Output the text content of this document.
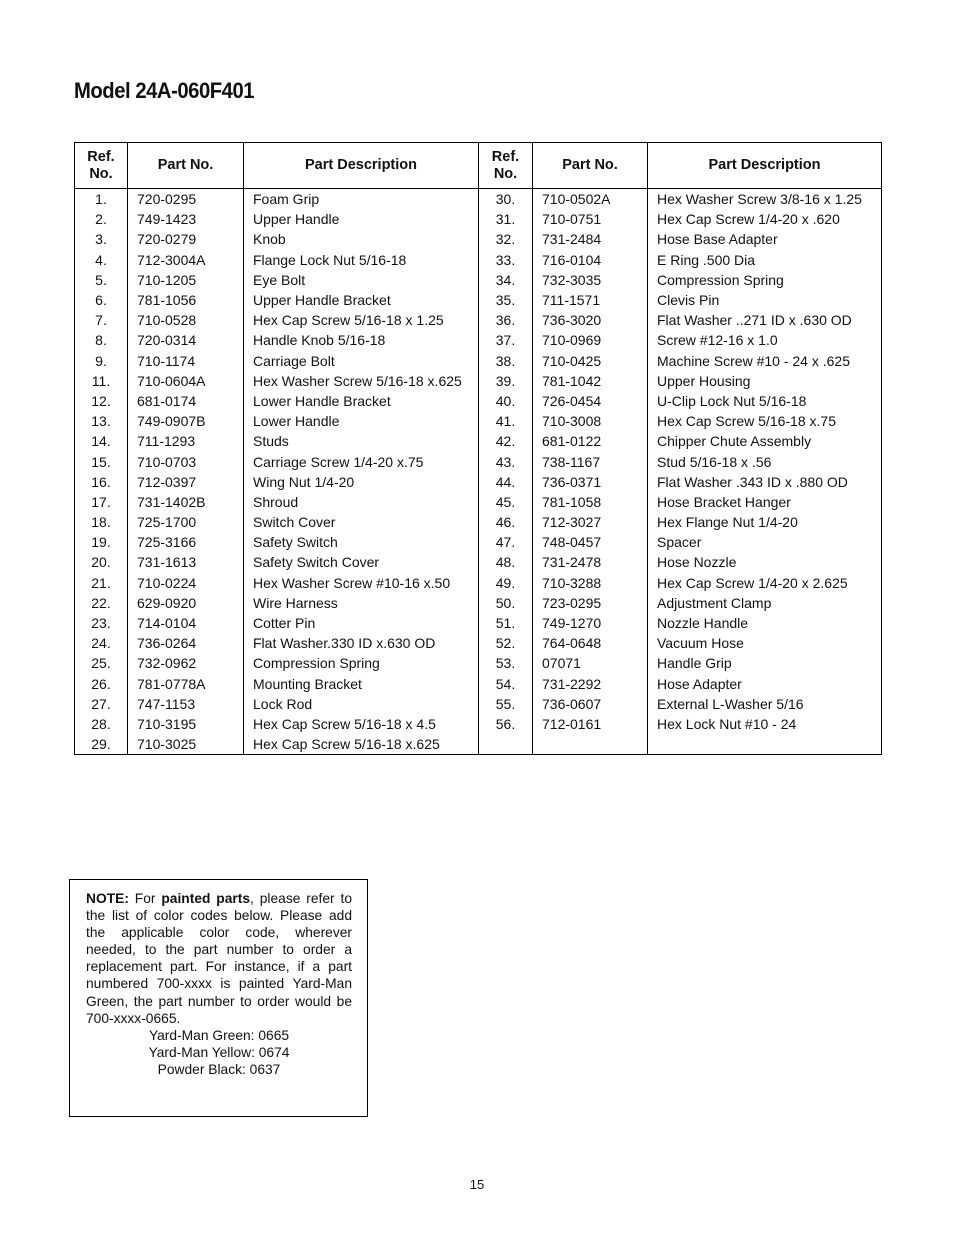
Model 24A-060F401
Ref.
No.	Part No.	Part Description
1.	720-0295	Foam Grip
2.	749-1423	Upper Handle
3.	720-0279	Knob
4.	712-3004A	Flange Lock Nut 5/16-18
5.	710-1205	Eye Bolt
6.	781-1056	Upper Handle Bracket
7.	710-0528	Hex Cap Screw 5/16-18 x 1.25
8.	720-0314	Handle Knob 5/16-18
9.	710-1174	Carriage Bolt
11.	710-0604A	Hex Washer Screw 5/16-18 x.625
12.	681-0174	Lower Handle Bracket
13.	749-0907B	Lower Handle
14.	711-1293	Studs
15.	710-0703	Carriage Screw 1/4-20 x.75
16.	712-0397	Wing Nut 1/4-20
17.	731-1402B	Shroud
18.	725-1700	Switch Cover
19.	725-3166	Safety Switch
20.	731-1613	Safety Switch Cover
21.	710-0224	Hex Washer Screw #10-16 x.50
22.	629-0920	Wire Harness
23.	714-0104	Cotter Pin
24.	736-0264	Flat Washer.330 ID x.630 OD
25.	732-0962	Compression Spring
26.	781-0778A	Mounting Bracket
27.	747-1153	Lock Rod
28.	710-3195	Hex Cap Screw 5/16-18 x 4.5
29.	710-3025	Hex Cap Screw 5/16-18 x.625
Ref.
No.	Part No.	Part Description
30.	710-0502A	Hex Washer Screw 3/8-16 x 1.25
31.	710-0751	Hex Cap Screw 1/4-20 x .620
32.	731-2484	Hose Base Adapter
33.	716-0104	E Ring .500 Dia
34.	732-3035	Compression Spring
35.	711-1571	Clevis Pin
36.	736-3020	Flat Washer ..271 ID x .630 OD
37.	710-0969	Screw #12-16 x 1.0
38.	710-0425	Machine Screw #10 - 24 x .625
39.	781-1042	Upper Housing
40.	726-0454	U-Clip Lock Nut 5/16-18
41.	710-3008	Hex Cap Screw 5/16-18 x.75
42.	681-0122	Chipper Chute Assembly
43.	738-1167	Stud 5/16-18 x .56
44.	736-0371	Flat Washer .343 ID x .880 OD
45.	781-1058	Hose Bracket Hanger
46.	712-3027	Hex Flange Nut 1/4-20
47.	748-0457	Spacer
48.	731-2478	Hose Nozzle
49.	710-3288	Hex Cap Screw 1/4-20 x 2.625
50.	723-0295	Adjustment Clamp
51.	749-1270	Nozzle Handle
52.	764-0648	Vacuum Hose
53.	07071	Handle Grip
54.	731-2292	Hose Adapter
55.	736-0607	External L-Washer 5/16
56.	712-0161	Hex Lock Nut #10 - 24

NOTE: For painted parts, please refer to the list of color codes below. Please add the applicable color code, wherever needed, to the part number to order a replacement part. For instance, if a part numbered 700-xxxx is painted Yard-Man Green, the part number to order would be 700-xxxx-0665.
Yard-Man Green: 0665
Yard-Man Yellow: 0674
Powder Black: 0637
15
